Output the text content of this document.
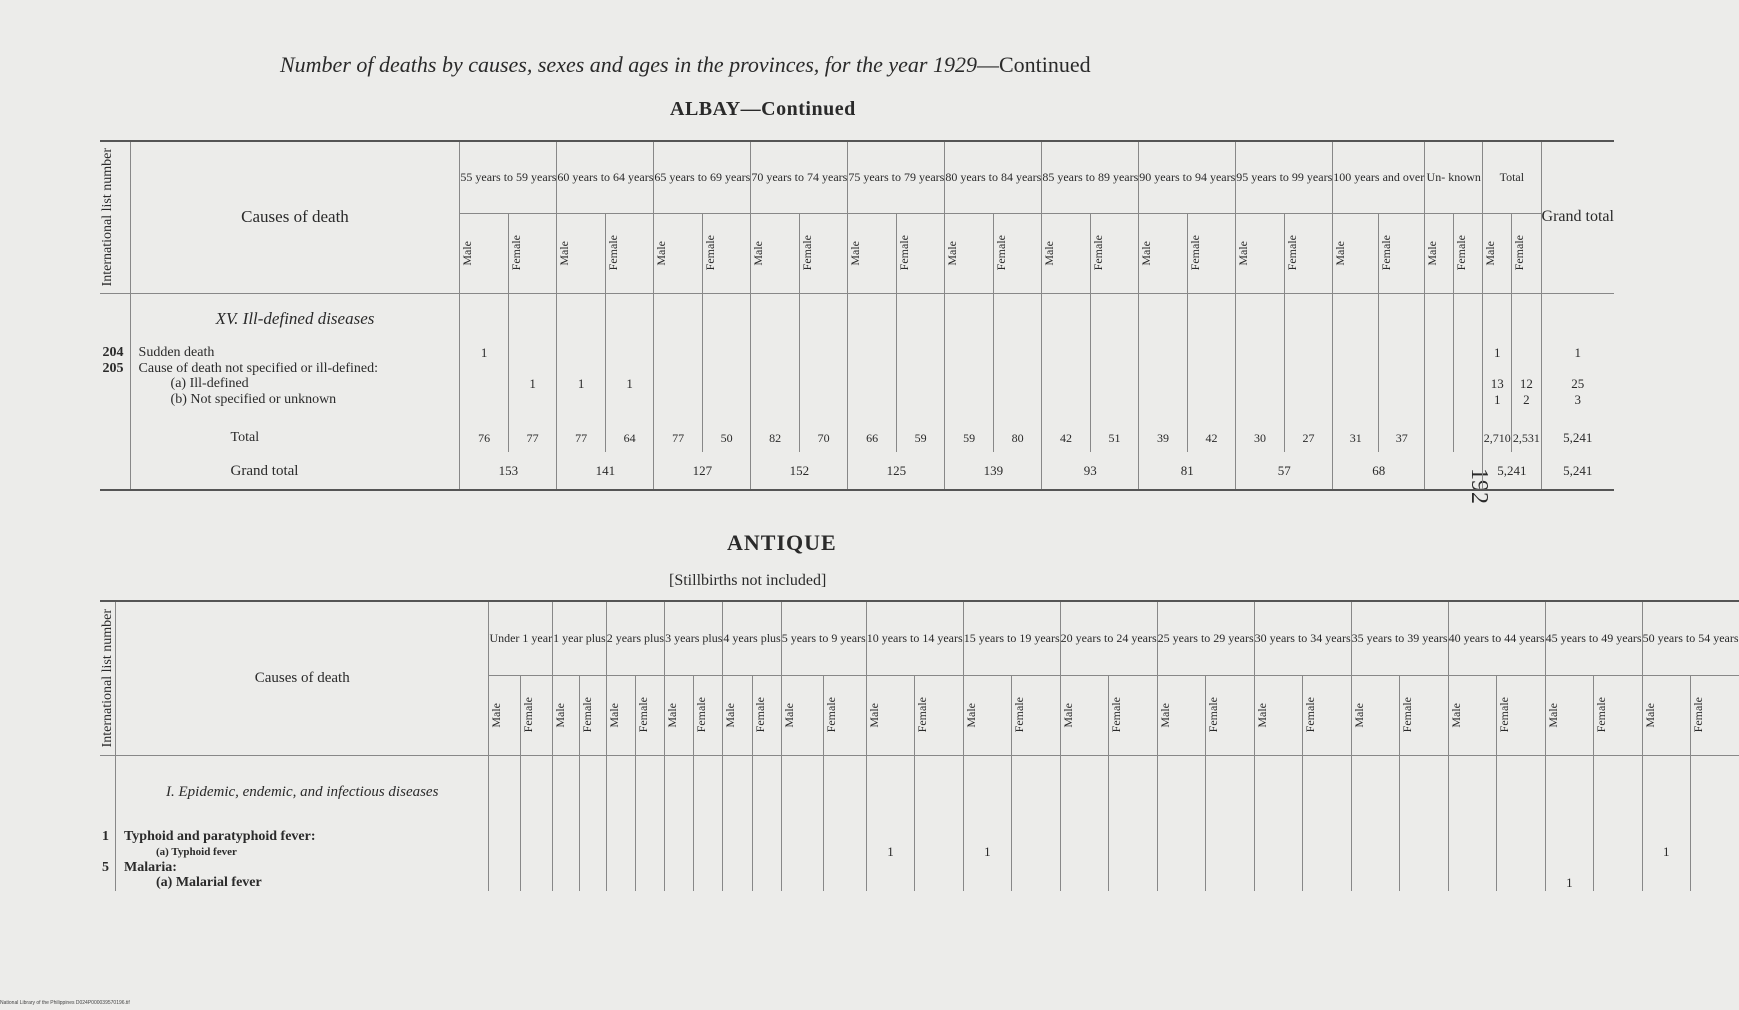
Number of deaths by causes, sexes and ages in the provinces, for the year 1929—Continued
ALBAY—Continued
ANTIQUE
[Stillbirths not included]
192
National Library of the Philippines D024P000039570196.tif
International list number	Causes of death	55 years to 59 years		60 years to 64 years		65 years to 69 years		70 years to 74 years		75 years to 79 years		80 years to 84 years		85 years to 89 years		90 years to 94 years		95 years to 99 years		100 years and over		Un- known		Total		Grand total

		Male	Female	Male	Female	Male	Female	Male	Female	Male	Female	Male	Female	Male	Female	Male	Female	Male	Female	Male	Female	Male	Female	Male	Female	

	XV. Ill-defined diseases																									
204	Sudden death	1																						1		1
205	Cause of death not specified or ill-defined:																									
	(a) Ill-defined		1	1	1																			13	12	25
	(b) Not specified or unknown																							1	2	3

	Total	76	77	77	64	77	50	82	70	66	59	59	80	42	51	39	42	30	27	31	37			2,710	2,531	5,241
	Grand total	153		141		127		152		125		139		93		81		57		68				5,241		5,241
International list number	Causes of death	Under 1 year		1 year plus		2 years plus		3 years plus		4 years plus		5 years to 9 years		10 years to 14 years		15 years to 19 years		20 years to 24 years		25 years to 29 years		30 years to 34 years		35 years to 39 years		40 years to 44 years		45 years to 49 years		50 years to 54 years	

		Male	Female	Male	Female	Male	Female	Male	Female	Male	Female	Male	Female	Male	Female	Male	Female	Male	Female	Male	Female	Male	Female	Male	Female	Male	Female	Male	Female	Male	Female

	I. Epidemic, endemic, and infectious diseases																														
1	Typhoid and paratyphoid fever:																														
	(a) Typhoid fever													1		1														1	
5	Malaria:																														
	(a) Malarial fever																											1			
